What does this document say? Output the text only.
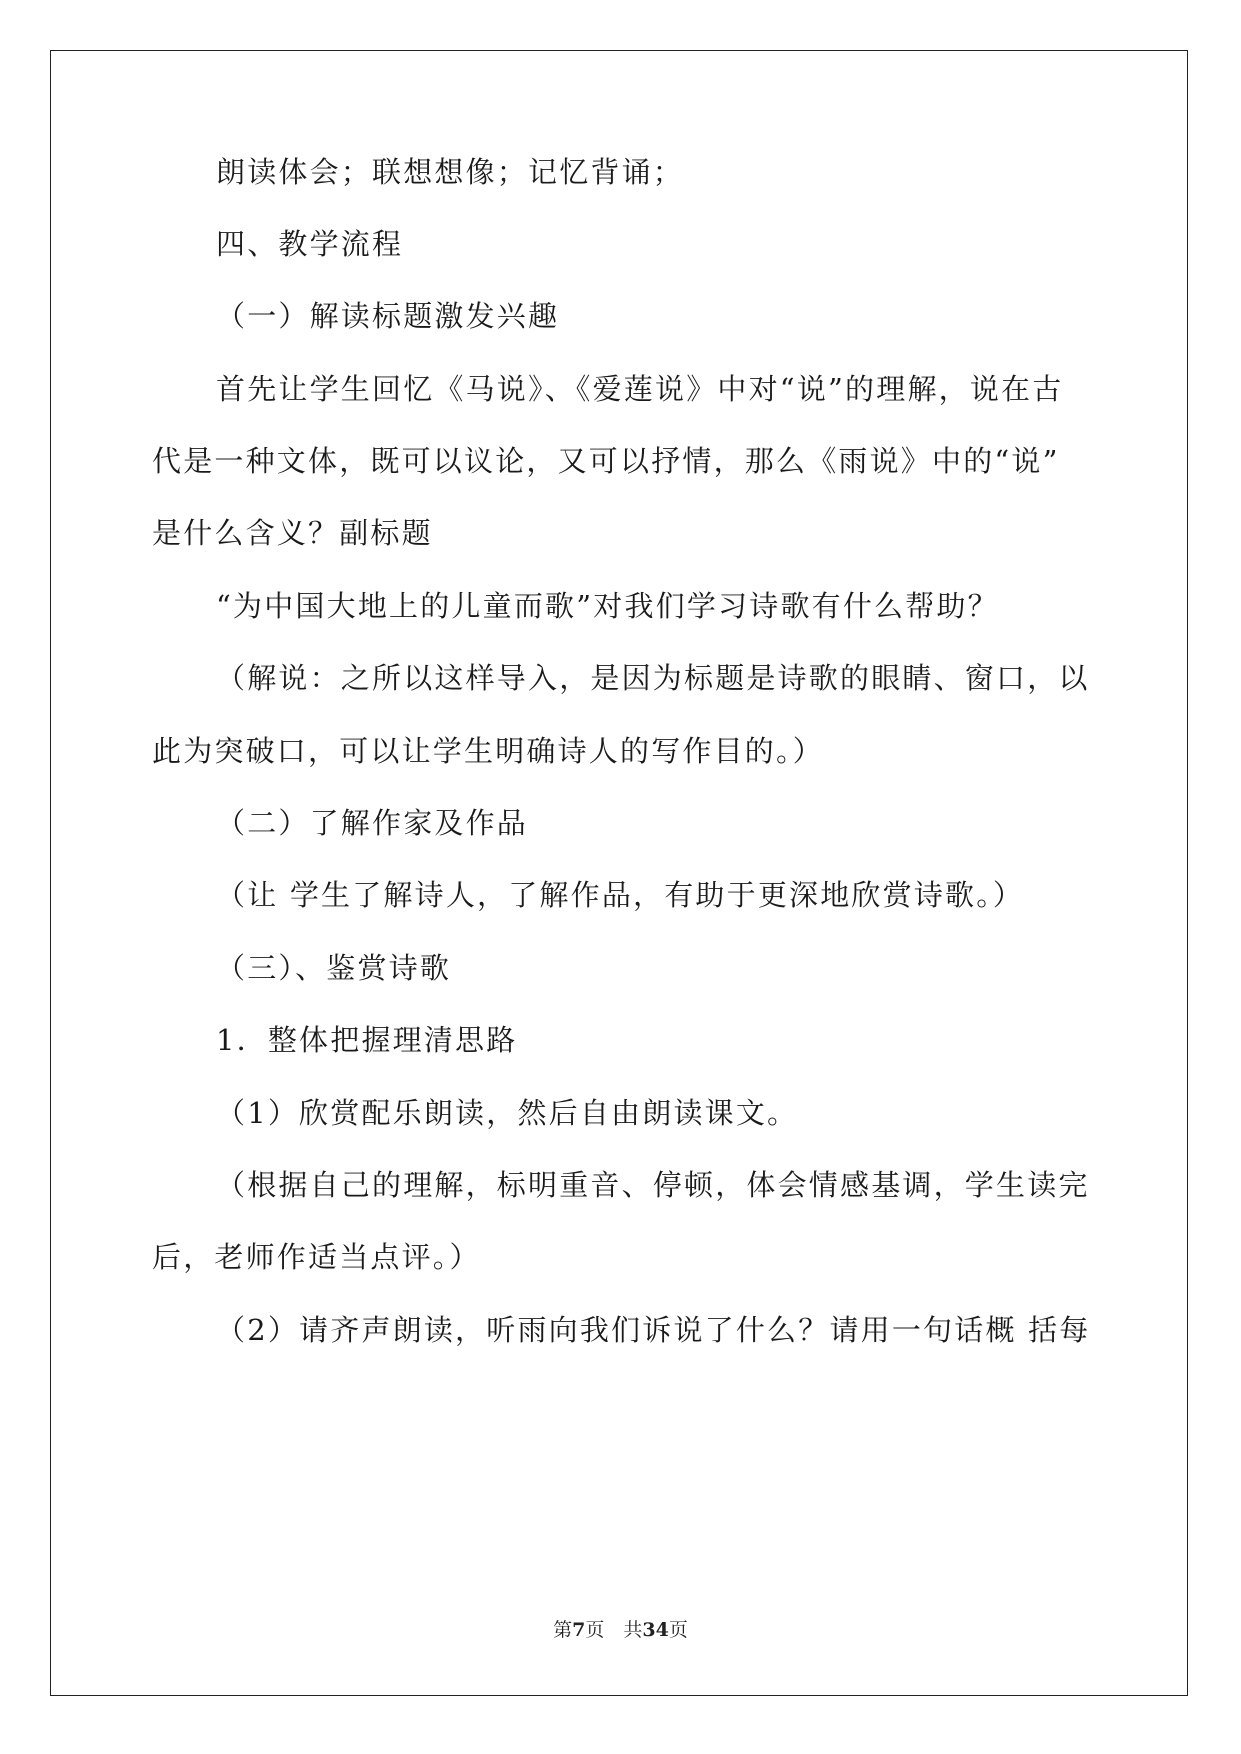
朗读体会；联想想像；记忆背诵；
四、教学流程
（一）解读标题激发兴趣
首先让学生回忆《马说》、《爱莲说》中对“说”的理解，说在古
代是一种文体，既可以议论，又可以抒情，那么《雨说》中的“说”
是什么含义？副标题
“为中国大地上的儿童而歌”对我们学习诗歌有什么帮助？
（解说：之所以这样导入，是因为标题是诗歌的眼睛、窗口，以
此为突破口，可以让学生明确诗人的写作目的。）
（二）了解作家及作品
（让 学生了解诗人，了解作品，有助于更深地欣赏诗歌。）
（三）、鉴赏诗歌
1．整体把握理清思路
（1）欣赏配乐朗读，然后自由朗读课文。
（根据自己的理解，标明重音、停顿，体会情感基调，学生读完
后，老师作适当点评。）
（2）请齐声朗读，听雨向我们诉说了什么？请用一句话概 括每
第7页　共34页
